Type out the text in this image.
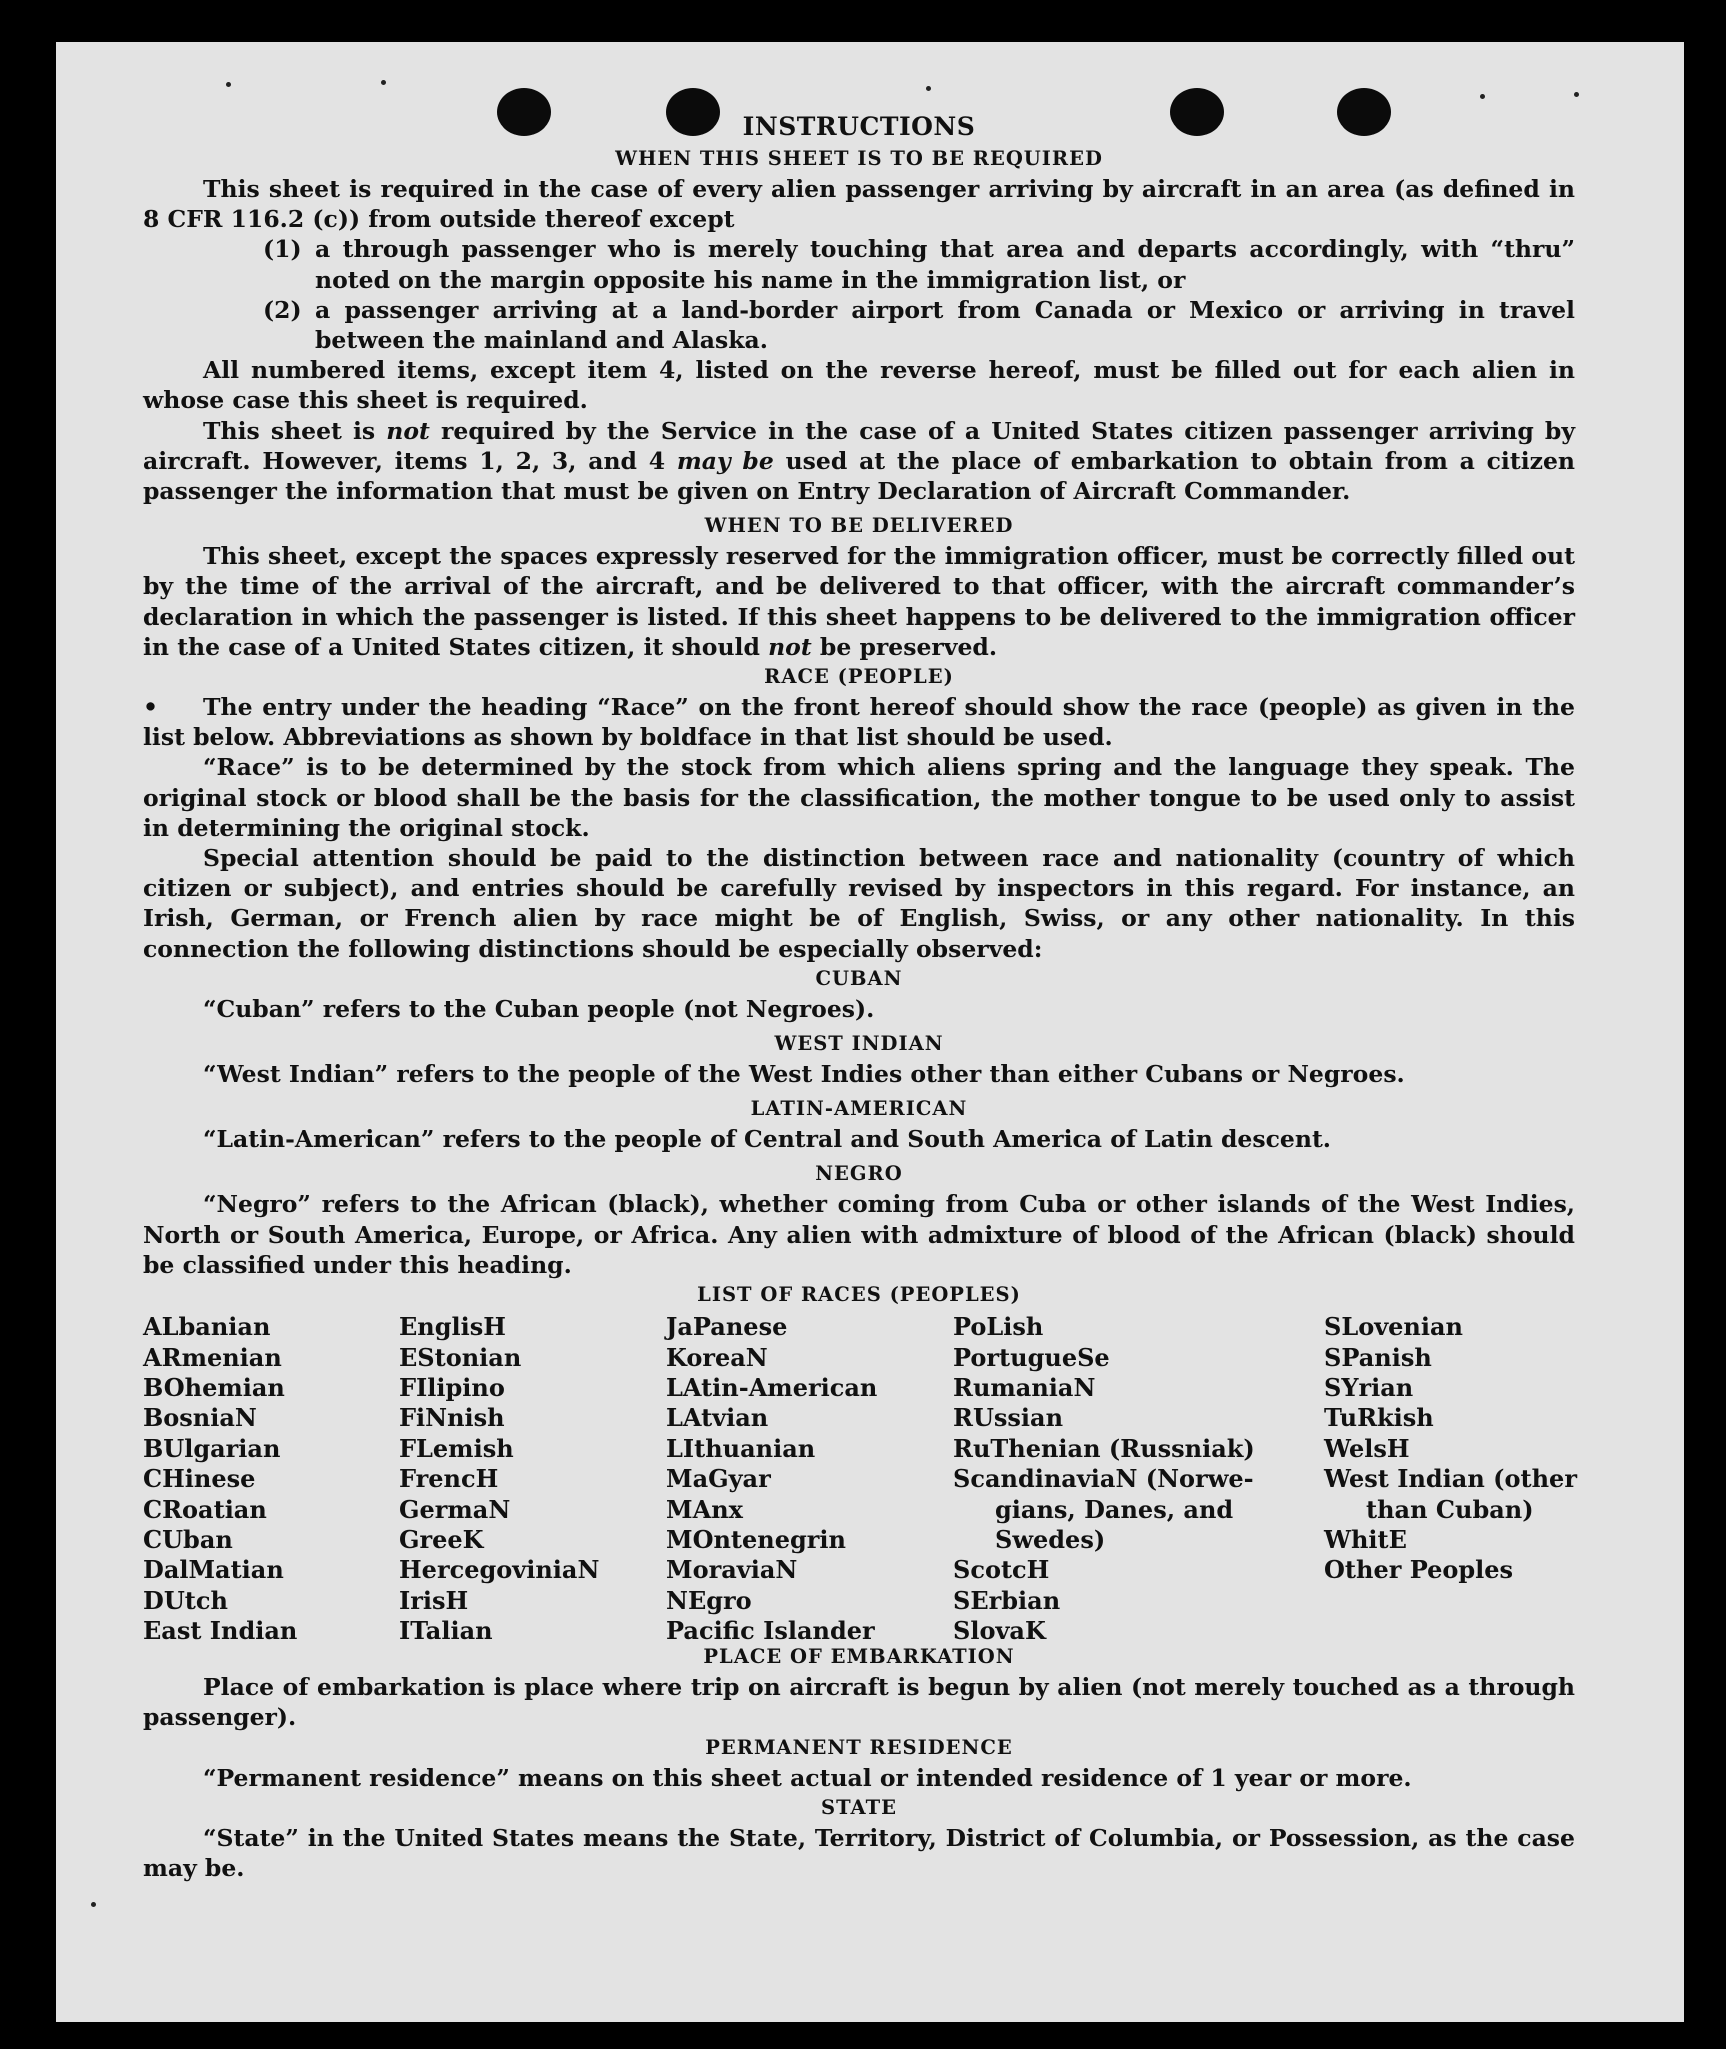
INSTRUCTIONS
WHEN THIS SHEET IS TO BE REQUIRED

This sheet is required in the case of every alien passenger arriving by aircraft in an area (as defined in 8 CFR 116.2 (c)) from outside thereof except

(1) a through passenger who is merely touching that area and departs accordingly, with “thru” noted on the margin opposite his name in the immigration list, or
(2) a passenger arriving at a land-border airport from Canada or Mexico or arriving in travel between the mainland and Alaska.

All numbered items, except item 4, listed on the reverse hereof, must be filled out for each alien in whose case this sheet is required.

This sheet is not required by the Service in the case of a United States citizen passenger arriving by aircraft. However, items 1, 2, 3, and 4 may be used at the place of embarkation to obtain from a citizen passenger the information that must be given on Entry Declaration of Aircraft Commander.

WHEN TO BE DELIVERED

This sheet, except the spaces expressly reserved for the immigration officer, must be correctly filled out by the time of the arrival of the aircraft, and be delivered to that officer, with the aircraft commander’s declaration in which the passenger is listed. If this sheet happens to be delivered to the immigration officer in the case of a United States citizen, it should not be preserved.

RACE (PEOPLE)

• The entry under the heading “Race” on the front hereof should show the race (people) as given in the list below. Abbreviations as shown by boldface in that list should be used.

“Race” is to be determined by the stock from which aliens spring and the language they speak. The original stock or blood shall be the basis for the classification, the mother tongue to be used only to assist in determining the original stock.

Special attention should be paid to the distinction between race and nationality (country of which citizen or subject), and entries should be carefully revised by inspectors in this regard. For instance, an Irish, German, or French alien by race might be of English, Swiss, or any other nationality. In this connection the following distinctions should be especially observed:

CUBAN

“Cuban” refers to the Cuban people (not Negroes).

WEST INDIAN

“West Indian” refers to the people of the West Indies other than either Cubans or Negroes.

LATIN-AMERICAN

“Latin-American” refers to the people of Central and South America of Latin descent.

NEGRO

“Negro” refers to the African (black), whether coming from Cuba or other islands of the West Indies, North or South America, Europe, or Africa. Any alien with admixture of blood of the African (black) should be classified under this heading.

LIST OF RACES (PEOPLES)
ALbanian
ARmenian
BOhemian
BosniaN
BUlgarian
CHinese
CRoatian
CUban
DalMatian
DUtch
East Indian
EnglisH
EStonian
FIlipino
FiNnish
FLemish
FrencH
GermaN
GreeK
HercegoviniaN
IrisH
ITalian
JaPanese
KoreaN
LAtin-American
LAtvian
LIthuanian
MaGyar
MAnx
MOntenegrin
MoraviaN
NEgro
Pacific Islander
PoLish
PortugueSe
RumaniaN
RUssian
RuThenian (Russniak)
ScandinaviaN (Norwe-
gians, Danes, and
Swedes)
ScotcH
SErbian
SlovaK
SLovenian
SPanish
SYrian
TuRkish
WelsH
West Indian (other
than Cuban)
WhitE
Other Peoples
PLACE OF EMBARKATION

Place of embarkation is place where trip on aircraft is begun by alien (not merely touched as a through passenger).

PERMANENT RESIDENCE

“Permanent residence” means on this sheet actual or intended residence of 1 year or more.

STATE

“State” in the United States means the State, Territory, District of Columbia, or Possession, as the case may be.
